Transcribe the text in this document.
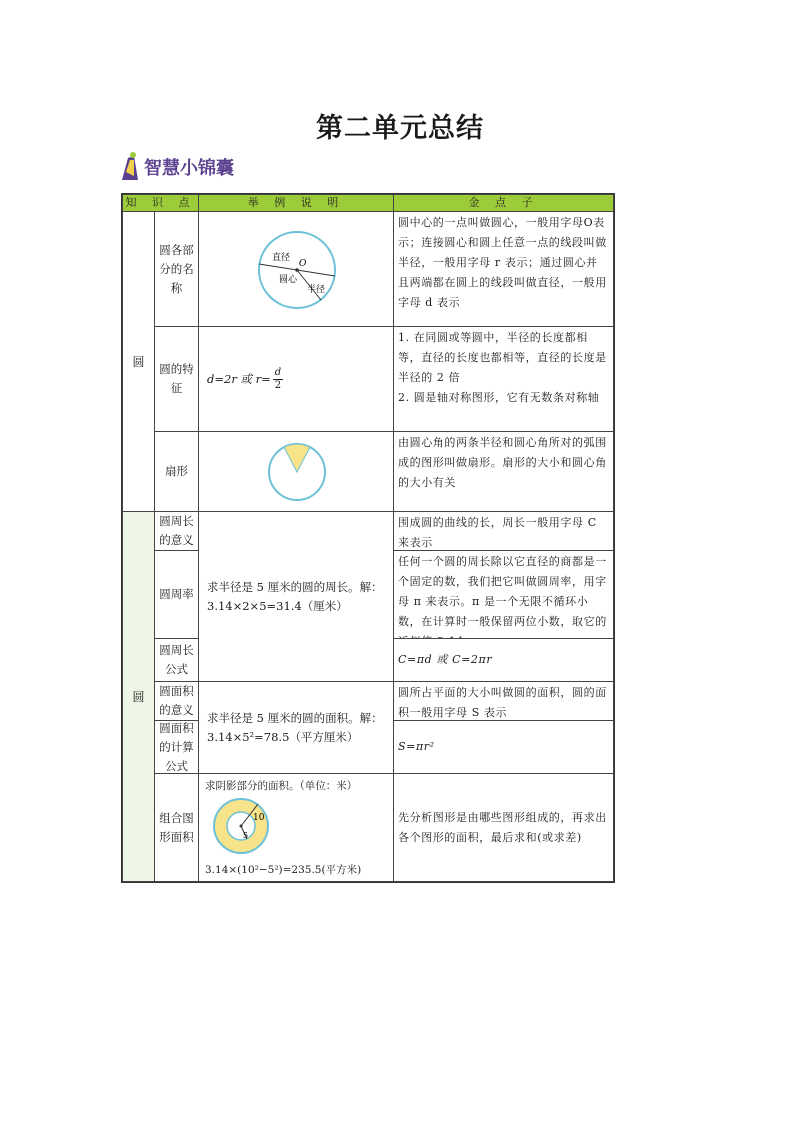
第二单元总结
智慧小锦囊
知 识 点	举 例 说 明	金 点 子
圆
圆
圆各部分的名称
直径
O
圆心
半径
圆中心的一点叫做圆心，一般用字母O表示；连接圆心和圆上任意一点的线段叫做半径，一般用字母 r 表示；通过圆心并且两端都在圆上的线段叫做直径，一般用字母 d 表示
圆的特征
d=2r 或 $r= \frac{d}{2}$
1. 在同圆或等圆中，半径的长度都相等，直径的长度也都相等，直径的长度是半径的 2 倍
2. 圆是轴对称图形，它有无数条对称轴
扇形
由圆心角的两条半径和圆心角所对的弧围成的图形叫做扇形。扇形的大小和圆心角的大小有关
圆周长的意义
圆周率
圆周长公式
求半径是 5 厘米的圆的周长。解：3.14×2×5=31.4（厘米）
围成圆的曲线的长，周长一般用字母 C 来表示
任何一个圆的周长除以它直径的商都是一个固定的数，我们把它叫做圆周率，用字母 π 来表示。π 是一个无限不循环小数，在计算时一般保留两位小数，取它的
C=πd 或 C=2πr
圆面积的意义
圆面积的计算公式
求半径是 5 厘米的圆的面积。解：3.14×5²=78.5（平方厘米）
圆所占平面的大小叫做圆的面积，圆的面积一般用字母 S 表示
S=πr²
组合图形面积
求阴影部分的面积。（单位：米）
10
5
3.14×(10²−5²)=235.5(平方米)
先分析图形是由哪些图形组成的，再求出各个图形的面积，最后求和(或求差)
